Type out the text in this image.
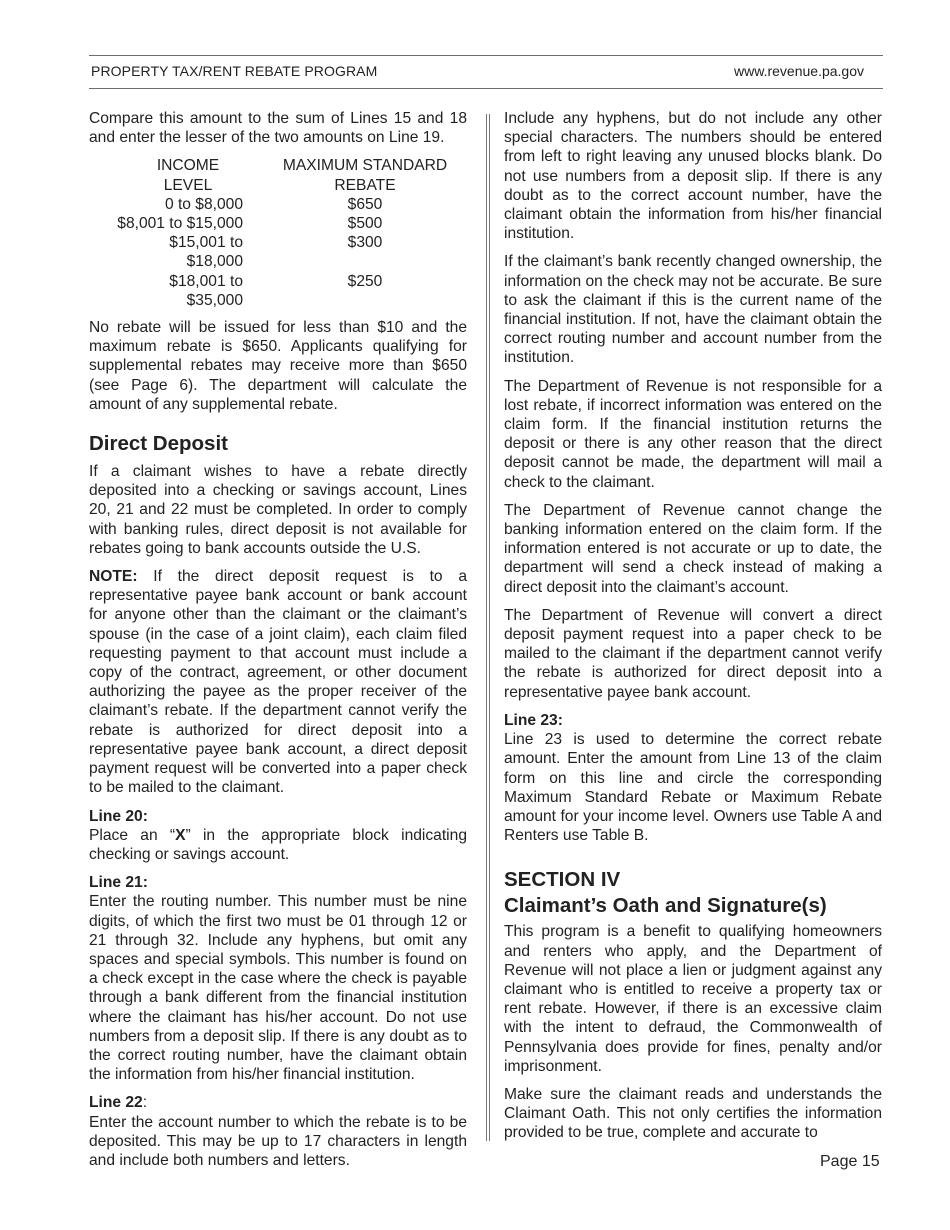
PROPERTY TAX/RENT REBATE PROGRAM	www.revenue.pa.gov

Compare this amount to the sum of Lines 15 and 18 and enter the lesser of the two amounts on Line 19.

INCOME
LEVEL	MAXIMUM STANDARD
REBATE
0 to $8,000	$650
$8,001 to $15,000	$500
$15,001 to $18,000	$300
$18,001 to $35,000	$250

No rebate will be issued for less than $10 and the maximum rebate is $650. Applicants qualifying for supplemental rebates may receive more than $650 (see Page 6). The department will calculate the amount of any supplemental rebate.

Direct Deposit

If a claimant wishes to have a rebate directly deposited into a checking or savings account, Lines 20, 21 and 22 must be completed. In order to comply with banking rules, direct deposit is not available for rebates going to bank accounts outside the U.S.

NOTE: If the direct deposit request is to a representative payee bank account or bank account for anyone other than the claimant or the claimant’s spouse (in the case of a joint claim), each claim filed requesting payment to that account must include a copy of the contract, agreement, or other document authorizing the payee as the proper receiver of the claimant’s rebate. If the department cannot verify the rebate is authorized for direct deposit into a representative payee bank account, a direct deposit payment request will be converted into a paper check to be mailed to the claimant.

Line 20:
Place an “X” in the appropriate block indicating checking or savings account.

Line 21:
Enter the routing number. This number must be nine digits, of which the first two must be 01 through 12 or 21 through 32. Include any hyphens, but omit any spaces and special symbols. This number is found on a check except in the case where the check is payable through a bank different from the financial institution where the claimant has his/her account. Do not use numbers from a deposit slip. If there is any doubt as to the correct routing number, have the claimant obtain the information from his/her financial institution.

Line 22:
Enter the account number to which the rebate is to be deposited. This may be up to 17 characters in length and include both numbers and letters.

Include any hyphens, but do not include any other special characters. The numbers should be entered from left to right leaving any unused blocks blank. Do not use numbers from a deposit slip. If there is any doubt as to the correct account number, have the claimant obtain the information from his/her financial institution.

If the claimant’s bank recently changed ownership, the information on the check may not be accurate. Be sure to ask the claimant if this is the current name of the financial institution. If not, have the claimant obtain the correct routing number and account number from the institution.

The Department of Revenue is not responsible for a lost rebate, if incorrect information was entered on the claim form. If the financial institution returns the deposit or there is any other reason that the direct deposit cannot be made, the department will mail a check to the claimant.

The Department of Revenue cannot change the banking information entered on the claim form. If the information entered is not accurate or up to date, the department will send a check instead of making a direct deposit into the claimant’s account.

The Department of Revenue will convert a direct deposit payment request into a paper check to be mailed to the claimant if the department cannot verify the rebate is authorized for direct deposit into a representative payee bank account.

Line 23:
Line 23 is used to determine the correct rebate amount. Enter the amount from Line 13 of the claim form on this line and circle the corresponding Maximum Standard Rebate or Maximum Rebate amount for your income level. Owners use Table A and Renters use Table B.

SECTION IV
Claimant’s Oath and Signature(s)

This program is a benefit to qualifying homeowners and renters who apply, and the Department of Revenue will not place a lien or judgment against any claimant who is entitled to receive a property tax or rent rebate. However, if there is an excessive claim with the intent to defraud, the Commonwealth of Pennsylvania does provide for fines, penalty and/or imprisonment.

Make sure the claimant reads and understands the Claimant Oath. This not only certifies the information provided to be true, complete and accurate to

Page 15
